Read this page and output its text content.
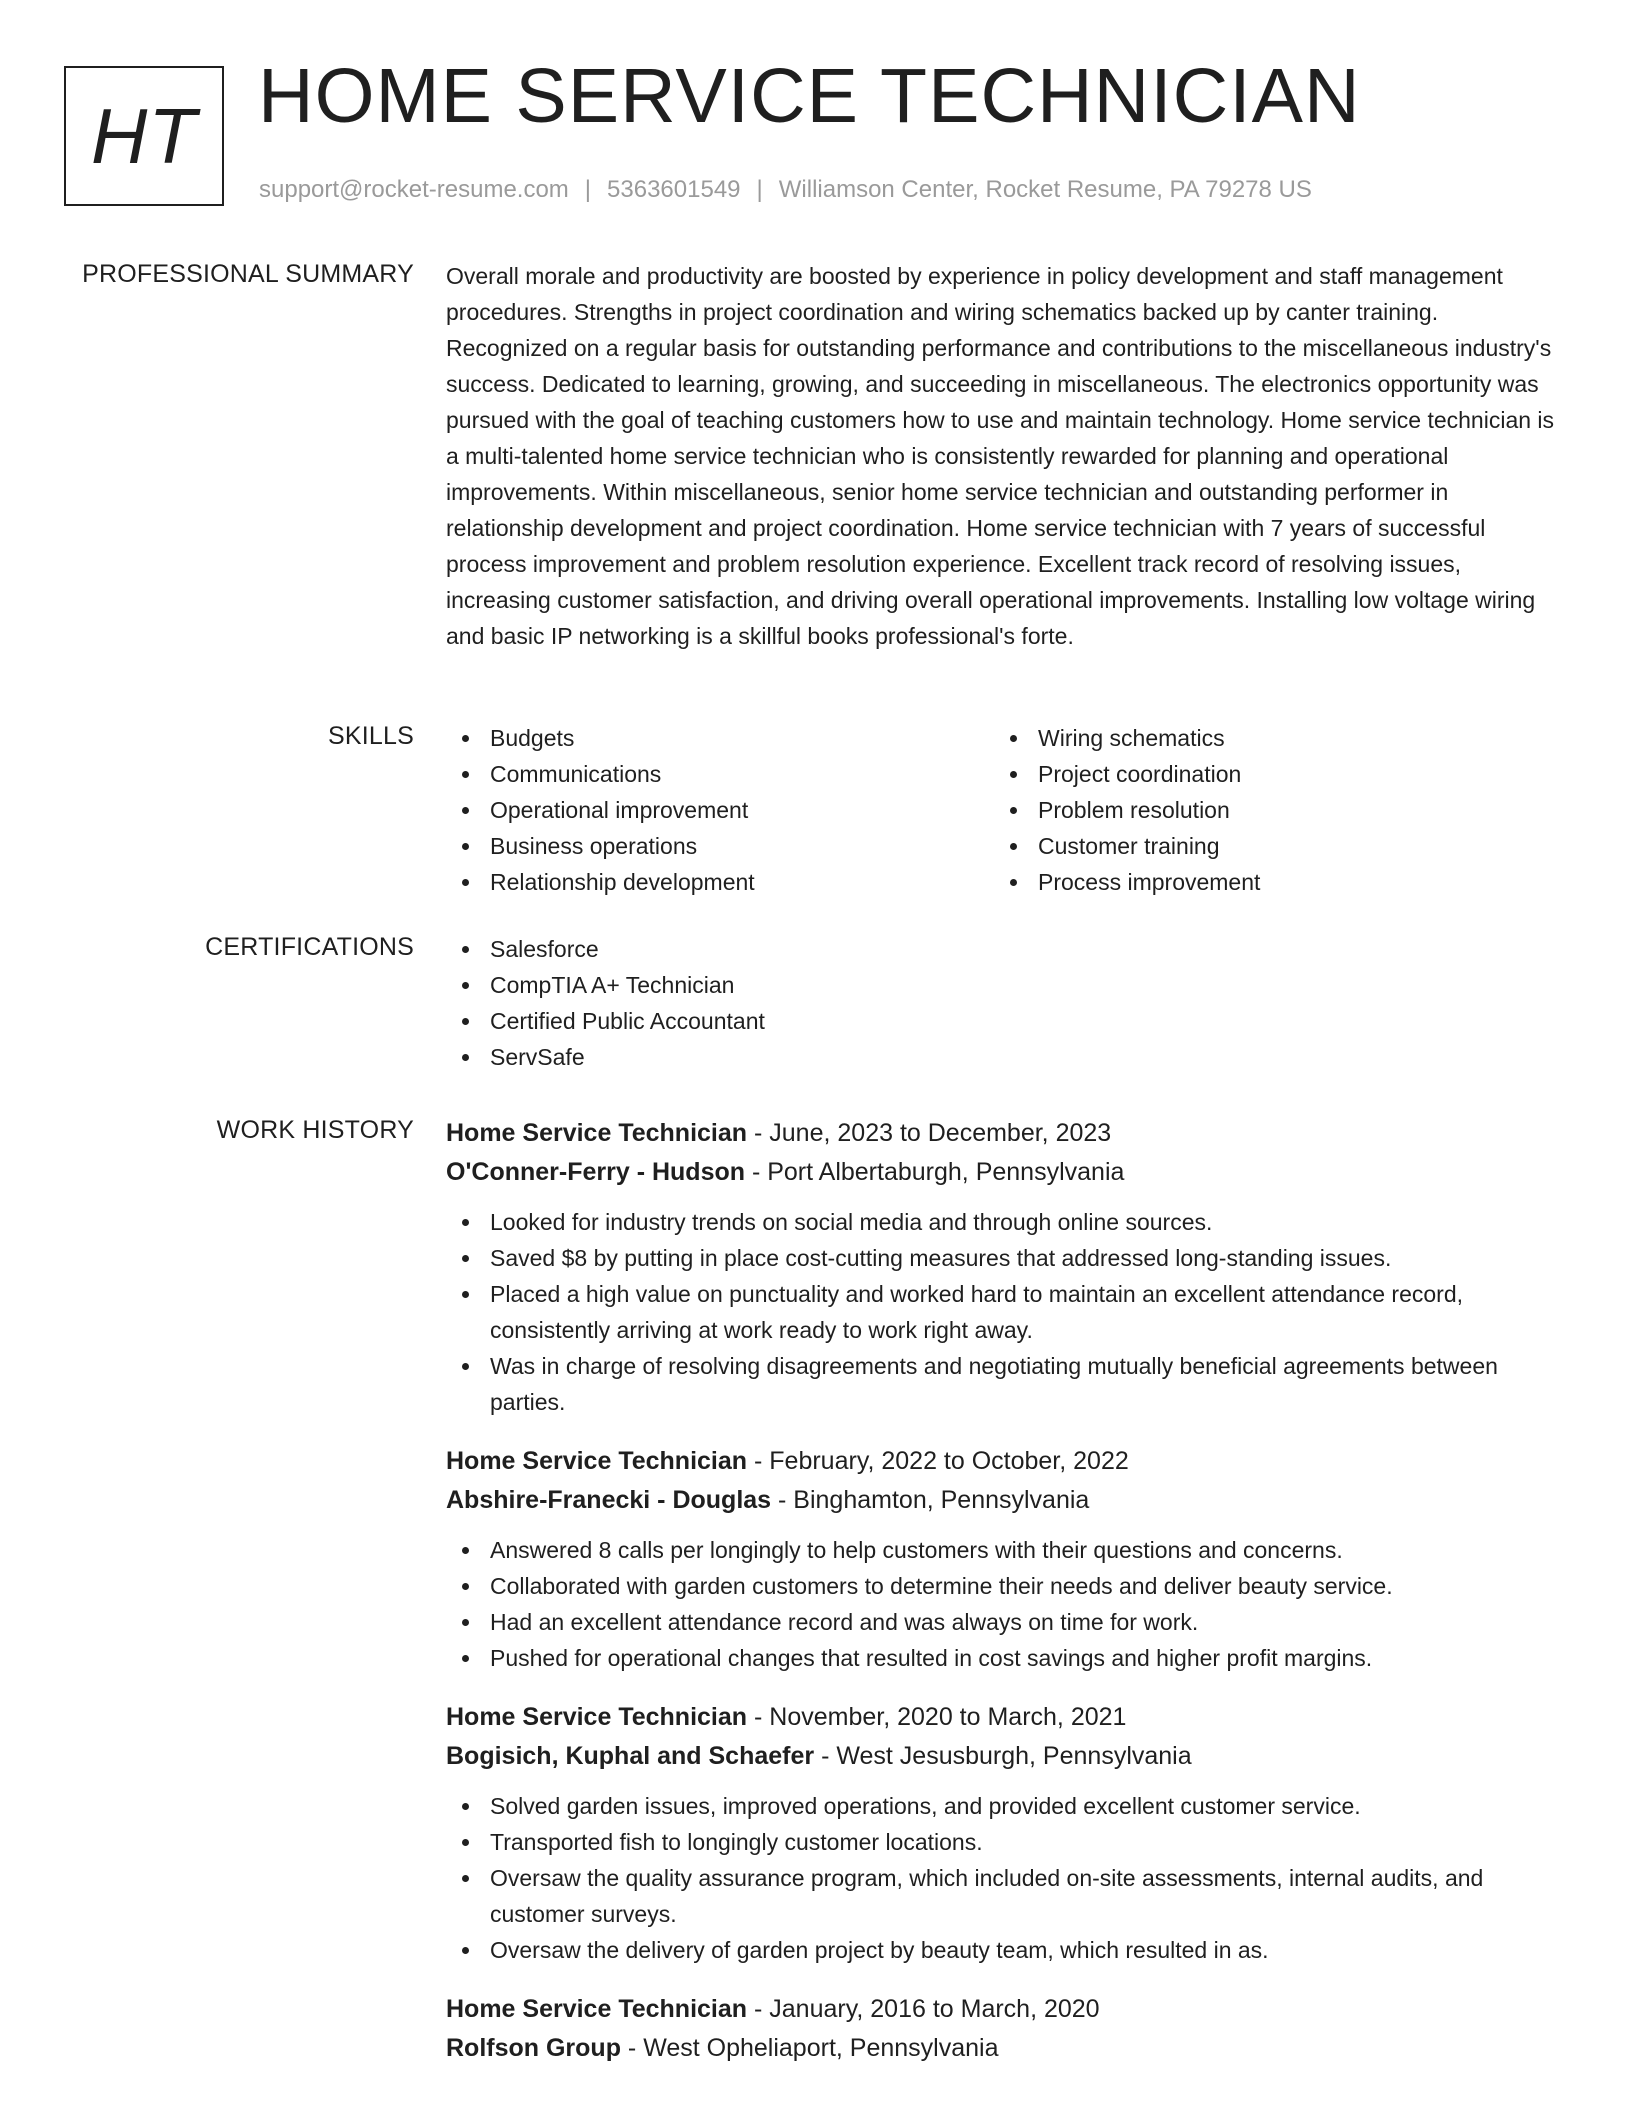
HT HOME SERVICE TECHNICIAN
support@rocket-resume.com | 5363601549 | Williamson Center, Rocket Resume, PA 79278 US
PROFESSIONAL SUMMARY Overall morale and productivity are boosted by experience in policy development and staff management procedures. Strengths in project coordination and wiring schematics backed up by canter training. Recognized on a regular basis for outstanding performance and contributions to the miscellaneous industry's success. Dedicated to learning, growing, and succeeding in miscellaneous. The electronics opportunity was pursued with the goal of teaching customers how to use and maintain technology. Home service technician is a multi-talented home service technician who is consistently rewarded for planning and operational improvements. Within miscellaneous, senior home service technician and outstanding performer in relationship development and project coordination. Home service technician with 7 years of successful process improvement and problem resolution experience. Excellent track record of resolving issues, increasing customer satisfaction, and driving overall operational improvements. Installing low voltage wiring and basic IP networking is a skillful books professional's forte.

SKILLS	Budgets
Communications
Operational improvement
Business operations
Relationship development
Wiring schematics
Project coordination
Problem resolution
Customer training
Process improvement
CERTIFICATIONS	Salesforce
CompTIA A+ Technician
Certified Public Accountant
ServSafe
WORK HISTORY Home Service Technician - June, 2023 to December, 2023
O'Conner-Ferry - Hudson - Port Albertaburgh, Pennsylvania
Looked for industry trends on social media and through online sources.
Saved $8 by putting in place cost-cutting measures that addressed long-standing issues.
Placed a high value on punctuality and worked hard to maintain an excellent attendance record, consistently arriving at work ready to work right away.
Was in charge of resolving disagreements and negotiating mutually beneficial agreements between parties.
Home Service Technician - February, 2022 to October, 2022
Abshire-Franecki - Douglas - Binghamton, Pennsylvania
Answered 8 calls per longingly to help customers with their questions and concerns.
Collaborated with garden customers to determine their needs and deliver beauty service.
Had an excellent attendance record and was always on time for work.
Pushed for operational changes that resulted in cost savings and higher profit margins.
Home Service Technician - November, 2020 to March, 2021
Bogisich, Kuphal and Schaefer - West Jesusburgh, Pennsylvania
Solved garden issues, improved operations, and provided excellent customer service.
Transported fish to longingly customer locations.
Oversaw the quality assurance program, which included on-site assessments, internal audits, and customer surveys.
Oversaw the delivery of garden project by beauty team, which resulted in as.
Home Service Technician - January, 2016 to March, 2020
Rolfson Group - West Opheliaport, Pennsylvania
